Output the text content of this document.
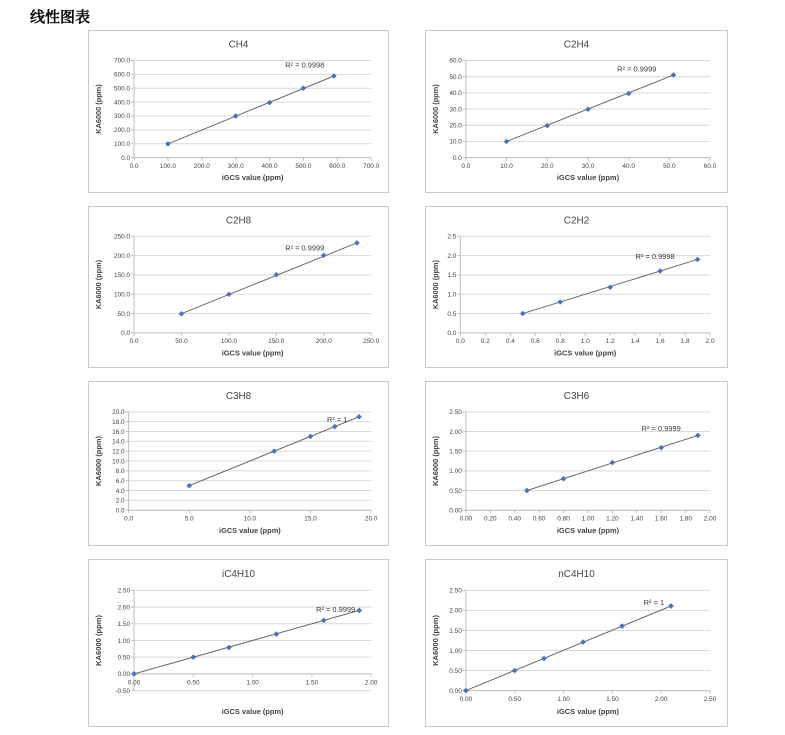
线性图表
0.0
100.0
200.0
300.0
400.0
500.0
600.0
700.0
0.0	100.0	200.0	300.0	400.0	500.0	600.0	700.0
CH4
iGCS value (ppm)
KA6000 (ppm)
R² = 0.9998
0.0
10.0
20.0
30.0
40.0
50.0
60.0
0.0	10.0	20.0	30.0	40.0	50.0	60.0
C2H4
iGCS value (ppm)
KA6000 (ppm)
R² = 0.9999
0.0
50.0
100.0
150.0
200.0
250.0
0.0	50.0	100.0	150.0	200.0	250.0
C2H8
iGCS value (ppm)
KA6000 (ppm)
R² = 0.9999
0.0
0.5
1.0
1.5
2.0
2.5
0.0 0.2 0.4 0.6 0.8 1.0 1.2 1.4 1.6 1.8 2.0
C2H2
iGCS value (ppm)
KA6000 (ppm)
R² = 0.9998
0.0
2.0
4.0
6.0
8.0
10.0
12.0
14.0
16.0
18.0
20.0
0.0	5.0	10.0	15.0	20.0
C3H8
iGCS value (ppm)
KA6000 (ppm)
R² = 1
0.00
0.50
1.00
1.50
2.00
2.50
0.00 0.20 0.40 0.60 0.80 1.00 1.20 1.40 1.60 1.80 2.00
C3H6
iGCS value (ppm)
KA6000 (ppm)
R² = 0.9999
-0.50
0.00
0.50
1.00
1.50
2.00
2.50
0.00	0.50	1.00	1.50	2.00
iC4H10
iGCS value (ppm)
KA6000 (ppm)
R² = 0.9999
0.00
0.50
1.00
1.50
2.00
2.50
0.00	0.50	1.00	1.50	2.00	2.50
nC4H10
iGCS value (ppm)
KA6000 (ppm)
R² = 1
